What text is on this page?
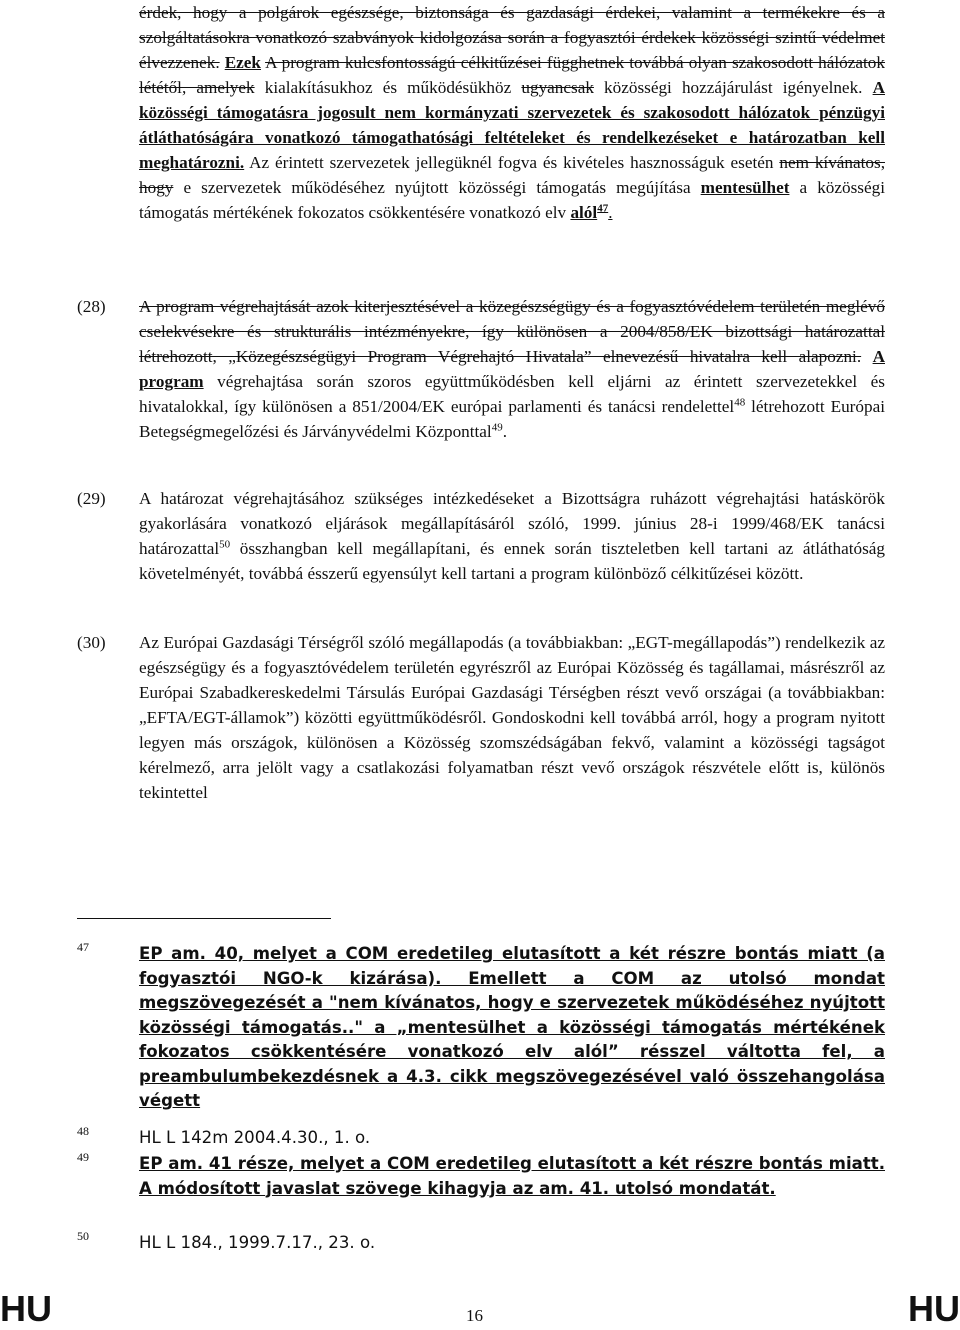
érdek, hogy a polgárok egészsége, biztonsága és gazdasági érdekei, valamint a termékekre és a szolgáltatásokra vonatkozó szabványok kidolgozása során a fogyasztói érdekek közösségi szintű védelmet élvezzenek. Ezek A program kulcsfontosságú célkitűzései függhetnek továbbá olyan szakosodott hálózatok lététől, amelyek kialakításukhoz és működésükhöz ugyancsak közösségi hozzájárulást igényelnek. A közösségi támogatásra jogosult nem kormányzati szervezetek és szakosodott hálózatok pénzügyi átláthatóságára vonatkozó támogathatósági feltételeket és rendelkezéseket e határozatban kell meghatározni. Az érintett szervezetek jellegüknél fogva és kivételes hasznosságuk esetén nem kívánatos, hogy e szervezetek működéséhez nyújtott közösségi támogatás megújítása mentesülhet a közösségi támogatás mértékének fokozatos csökkentésére vonatkozó elv alól$^{47}$.
(28) A program végrehajtását azok kiterjesztésével a közegészségügy és a fogyasztóvédelem területén meglévő cselekvésekre és strukturális intézményekre, így különösen a 2004/858/EK bizottsági határozattal létrehozott, „Közegészségügyi Program Végrehajtó Hivatala” elnevezésű hivatalra kell alapozni. A program végrehajtása során szoros együttműködésben kell eljárni az érintett szervezetekkel és hivatalokkal, így különösen a 851/2004/EK európai parlamenti és tanácsi rendelettel$^{48}$ létrehozott Európai Betegségmegelőzési és Járványvédelmi Központtal$^{49}$.
(29) A határozat végrehajtásához szükséges intézkedéseket a Bizottságra ruházott végrehajtási hatáskörök gyakorlására vonatkozó eljárások megállapításáról szóló, 1999. június 28-i 1999/468/EK tanácsi határozattal$^{50}$ összhangban kell megállapítani, és ennek során tiszteletben kell tartani az átláthatóság követelményét, továbbá ésszerű egyensúlyt kell tartani a program különböző célkitűzései között.
(30) Az Európai Gazdasági Térségről szóló megállapodás (a továbbiakban: „EGT-megállapodás”) rendelkezik az egészségügy és a fogyasztóvédelem területén egyrészről az Európai Közösség és tagállamai, másrészről az Európai Szabadkereskedelmi Társulás Európai Gazdasági Térségben részt vevő országai (a továbbiakban: „EFTA/EGT-államok”) közötti együttműködésről. Gondoskodni kell továbbá arról, hogy a program nyitott legyen más országok, különösen a Közösség szomszédságában fekvő, valamint a közösségi tagságot kérelmező, arra jelölt vagy a csatlakozási folyamatban részt vevő országok részvétele előtt is, különös tekintettel
47	EP am. 40, melyet a COM eredetileg elutasított a két részre bontás miatt (a fogyasztói NGO-k kizárása). Emellett a COM az utolsó mondat megszövegezését a "nem kívánatos, hogy e szervezetek működéséhez nyújtott közösségi támogatás.." a „mentesülhet a közösségi támogatás mértékének fokozatos csökkentésére vonatkozó elv alól” résszel váltotta fel, a preambulumbekezdésnek a 4.3. cikk megszövegezésével való összehangolása végett
48	HL L 142m 2004.4.30., 1. o.
49	EP am. 41 része, melyet a COM eredetileg elutasított a két részre bontás miatt. A módosított javaslat szövege kihagyja az am. 41. utolsó mondatát.
50	HL L 184., 1999.7.17., 23. o.
HU	16	HU
